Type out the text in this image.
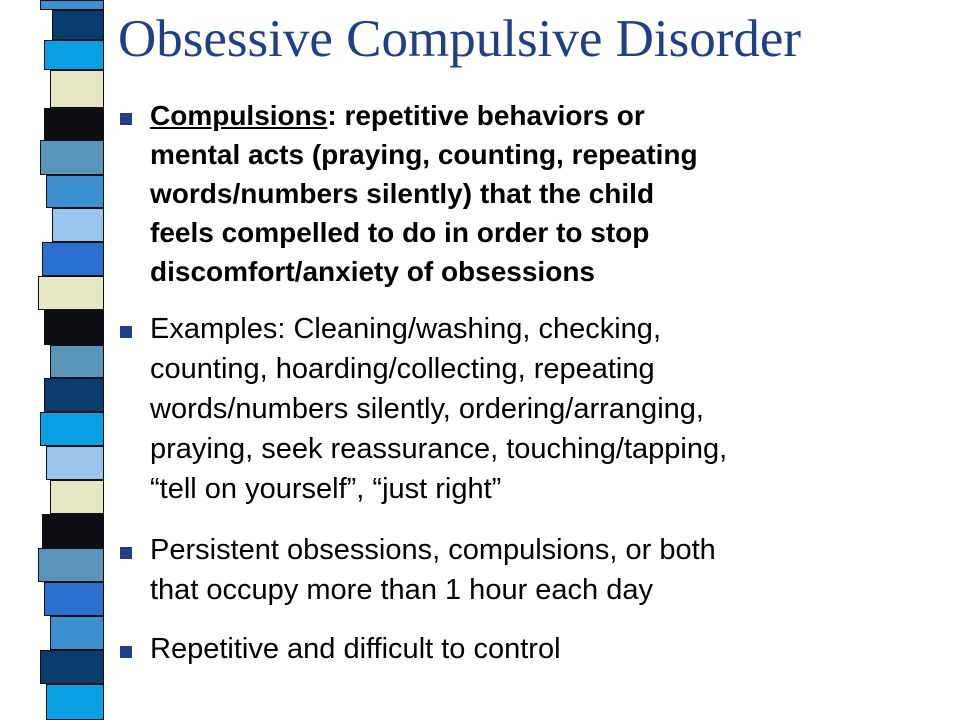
Obsessive Compulsive Disorder
Compulsions: repetitive behaviors or
mental acts (praying, counting, repeating
words/numbers silently) that the child
feels compelled to do in order to stop
discomfort/anxiety of obsessions
Examples: Cleaning/washing, checking,
counting, hoarding/collecting, repeating
words/numbers silently, ordering/arranging,
praying, seek reassurance, touching/tapping,
“tell on yourself”, “just right”
Persistent obsessions, compulsions, or both
that occupy more than 1 hour each day
Repetitive and difficult to control
